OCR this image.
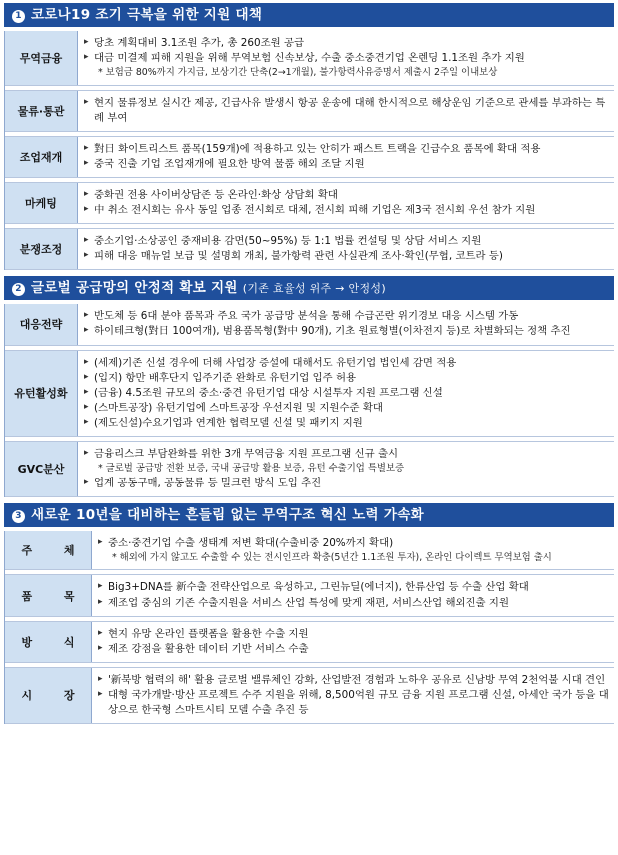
1 코로나19 조기 극복을 위한 지원 대책
무역금융
▸ 당초 계획대비 3.1조원 추가, 총 260조원 공급
▸ 대금 미결제 피해 지원을 위해 무역보험 신속보상, 수출 중소중견기업 온렌딩 1.1조원 추가 지원
* 보험금 80%까지 가지급, 보상기간 단축(2→1개월), 불가항력사유증명서 제출시 2주일 이내보상
물류·통관
▸ 현지 물류정보 실시간 제공, 긴급사유 발생시 항공 운송에 대해 한시적으로 해상운임 기준으로 관세를 부과하는 특례 부여
조업재개
▸ 對日 화이트리스트 품목(159개)에 적용하고 있는 안히가 패스트 트랙을 긴급수요 품목에 확대 적용
▸ 중국 진출 기업 조업재개에 필요한 방역 물품 해외 조달 지원
마케팅
▸ 중화권 전용 사이버상담존 등 온라인·화상 상담회 확대
▸ 中 취소 전시회는 유사 동일 업종 전시회로 대체, 전시회 피해 기업은 제3국 전시회 우선 참가 지원
분쟁조정
▸ 중소기업·소상공인 중재비용 감면(50~95%) 등 1:1 법률 컨설팅 및 상담 서비스 지원
▸ 피해 대응 매뉴얼 보급 및 설명회 개최, 불가항력 관련 사실관계 조사·확인(무협, 코트라 등)
2 글로벌 공급망의 안정적 확보 지원 (기존 효율성 위주 → 안정성)
대응전략
▸ 반도체 등 6대 분야 품목과 주요 국가 공급망 분석을 통해 수급곤란 위기경보 대응 시스템 가동
▸ 하이테크형(對日 100여개), 범용품목형(對中 90개), 기초 원료형별(이차전지 등)로 차별화되는 정책 추진
유턴활성화
▸ (세제)기존 신설 경우에 더해 사업장 증설에 대해서도 유턴기업 법인세 감면 적용
▸ (입지) 항만 배후단지 입주기준 완화로 유턴기업 입주 허용
▸ (금융) 4.5조원 규모의 중소·중견 유턴기업 대상 시설투자 지원 프로그램 신설
▸ (스마트공장) 유턴기업에 스마트공장 우선지원 및 지원수준 확대
▸ (제도신설)수요기업과 연계한 협력모델 신설 및 패키지 지원
GVC분산
▸ 금융리스크 부담완화를 위한 3개 무역금융 지원 프로그램 신규 출시
* 글로벌 공급망 전환 보증, 국내 공급망 활용 보증, 유턴 수출기업 특별보증
▸ 업계 공동구매, 공동물류 등 밀크런 방식 도입 추진
3 새로운 10년을 대비하는 흔들림 없는 무역구조 혁신 노력 가속화
주 체
▸ 중소·중견기업 수출 생태계 저변 확대(수출비중 20%까지 확대)
* 해외에 가지 않고도 수출할 수 있는 전시인프라 확충(5년간 1.1조원 투자), 온라인 다이렉트 무역보험 출시
품 목
▸ Big3+DNA를 新수출 전략산업으로 육성하고, 그린뉴딜(에너지), 한류산업 등 수출 산업 확대
▸ 제조업 중심의 기존 수출지원을 서비스 산업 특성에 맞게 재편, 서비스산업 해외진출 지원
방 식
▸ 현지 유망 온라인 플랫폼을 활용한 수출 지원
▸ 제조 강점을 활용한 데이터 기반 서비스 수출
시 장
▸ '新북방 협력의 해' 활용 글로벌 밸류체인 강화, 산업발전 경험과 노하우 공유로 신남방 무역 2천억불 시대 견인
▸ 대형 국가개발·방산 프로젝트 수주 지원을 위해, 8,500억원 규모 금융 지원 프로그램 신설, 아세안 국가 등을 대상으로 한국형 스마트시티 모델 수출 추진 등
